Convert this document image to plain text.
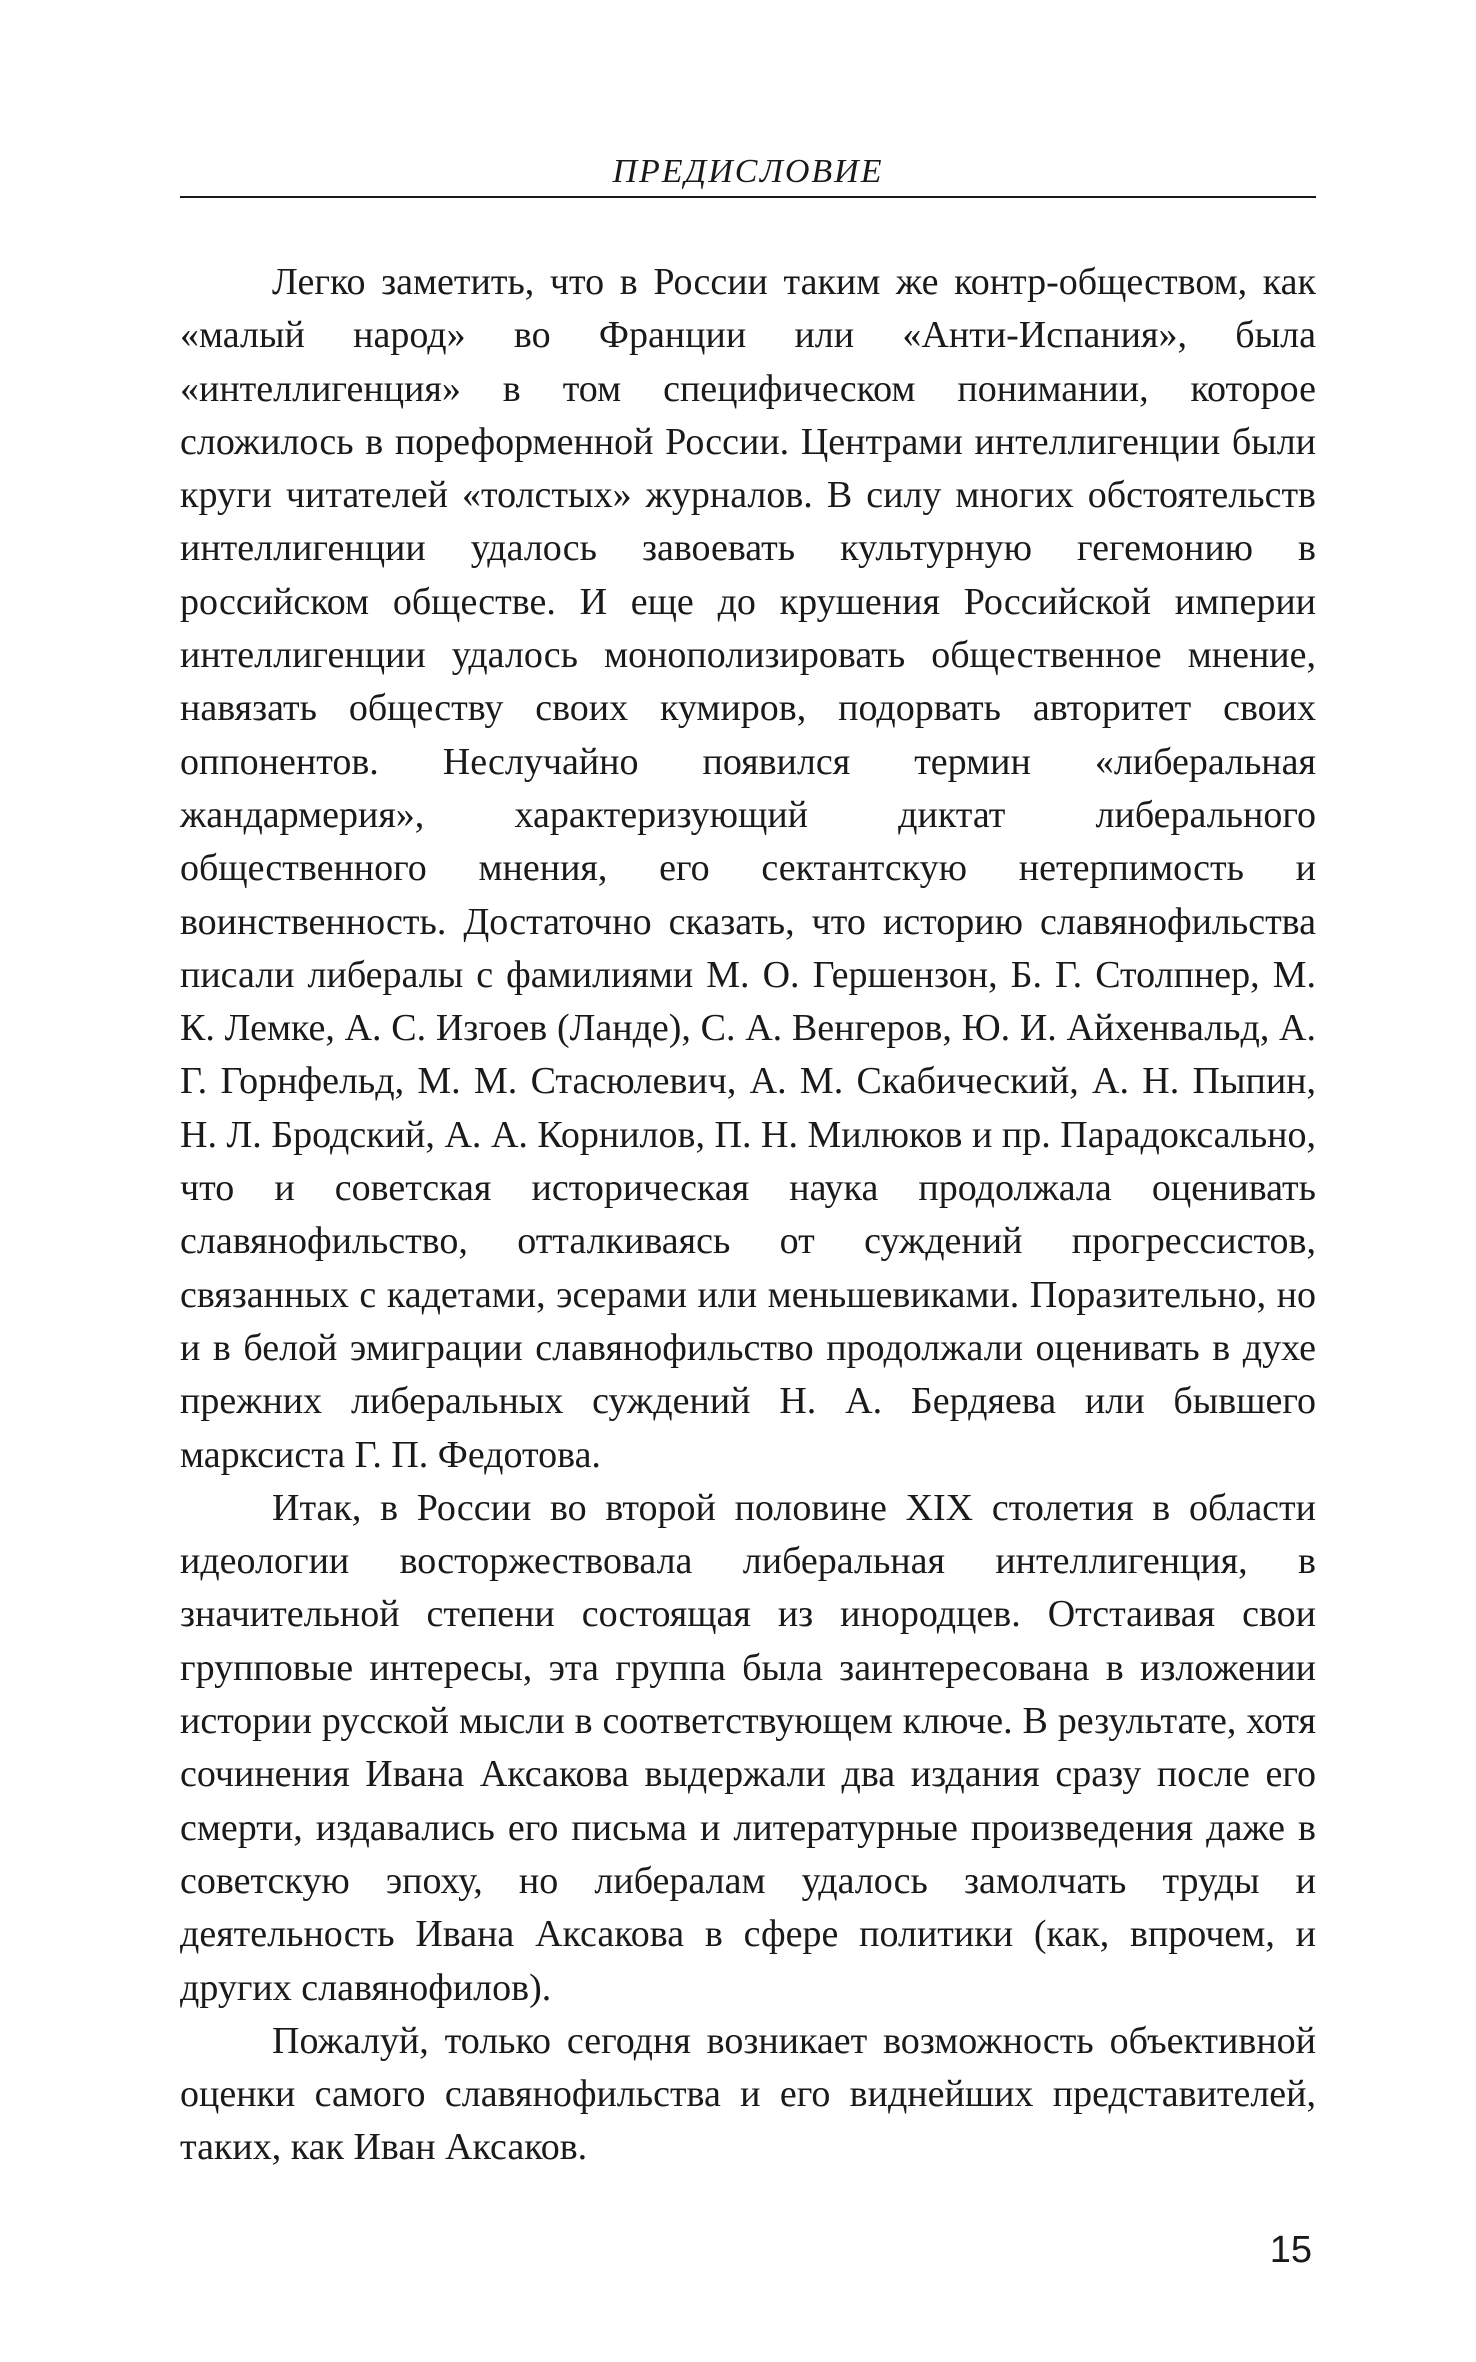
ПРЕДИСЛОВИЕ

Легко заметить, что в России таким же контр-обществом, как «малый народ» во Франции или «Анти-Испания», была «интеллигенция» в том специфическом понимании, которое сложилось в пореформенной России. Центрами интеллигенции были круги читателей «толстых» журналов. В силу многих обстоятельств интеллигенции удалось завоевать культурную гегемонию в российском обществе. И еще до крушения Российской империи интеллигенции удалось монополизировать общественное мнение, навязать обществу своих кумиров, подорвать авторитет своих оппонентов. Неслучайно появился термин «либеральная жандармерия», характеризующий диктат либерального общественного мнения, его сектантскую нетерпимость и воинственность. Достаточно сказать, что историю славянофильства писали либералы с фамилиями М. О. Гершензон, Б. Г. Столпнер, М. К. Лемке, А. С. Изгоев (Ланде), С. А. Венгеров, Ю. И. Айхенвальд, А. Г. Горнфельд, М. М. Стасюлевич, А. М. Скабический, А. Н. Пыпин, Н. Л. Бродский, А. А. Корнилов, П. Н. Милюков и пр. Парадоксально, что и советская историческая наука продолжала оценивать славянофильство, отталкиваясь от суждений прогрессистов, связанных с кадетами, эсерами или меньшевиками. Поразительно, но и в белой эмиграции славянофильство продолжали оценивать в духе прежних либеральных суждений Н. А. Бердяева или бывшего марксиста Г. П. Федотова.

Итак, в России во второй половине XIX столетия в области идеологии восторжествовала либеральная интеллигенция, в значительной степени состоящая из инородцев. Отстаивая свои групповые интересы, эта группа была заинтересована в изложении истории русской мысли в соответствующем ключе. В результате, хотя сочинения Ивана Аксакова выдержали два издания сразу после его смерти, издавались его письма и литературные произведения даже в советскую эпоху, но либералам удалось замолчать труды и деятельность Ивана Аксакова в сфере политики (как, впрочем, и других славянофилов).

Пожалуй, только сегодня возникает возможность объективной оценки самого славянофильства и его виднейших представителей, таких, как Иван Аксаков.

15
